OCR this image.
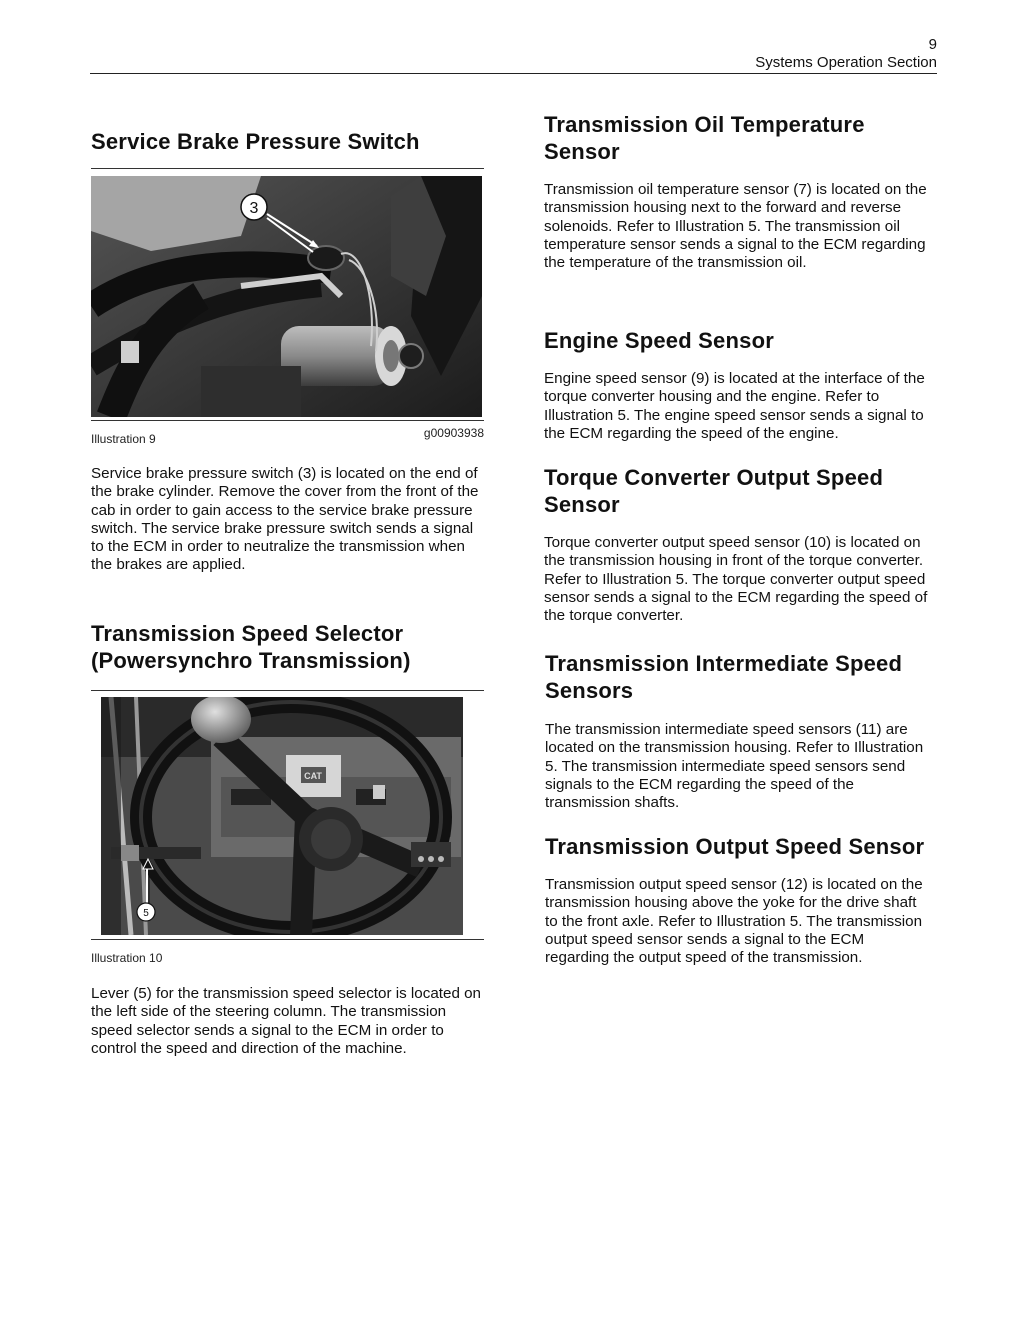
9
Systems Operation Section
Service Brake Pressure Switch
3
Illustration 9	g00903938

Service brake pressure switch (3) is located on the end of the brake cylinder. Remove the cover from the front of the cab in order to gain access to the service brake pressure switch. The service brake pressure switch sends a signal to the ECM in order to neutralize the transmission when the brakes are applied.

Transmission Speed Selector (Powersynchro Transmission)
CAT
5
Illustration 10

Lever (5) for the transmission speed selector is located on the left side of the steering column. The transmission speed selector sends a signal to the ECM in order to control the speed and direction of the machine.

Transmission Oil Temperature Sensor

Transmission oil temperature sensor (7) is located on the transmission housing next to the forward and reverse solenoids. Refer to Illustration 5. The transmission oil temperature sensor sends a signal to the ECM regarding the temperature of the transmission oil.

Engine Speed Sensor

Engine speed sensor (9) is located at the interface of the torque converter housing and the engine. Refer to Illustration 5. The engine speed sensor sends a signal to the ECM regarding the speed of the engine.

Torque Converter Output Speed Sensor

Torque converter output speed sensor (10) is located on the transmission housing in front of the torque converter. Refer to Illustration 5. The torque converter output speed sensor sends a signal to the ECM regarding the speed of the torque converter.

Transmission Intermediate Speed Sensors

The transmission intermediate speed sensors (11) are located on the transmission housing. Refer to Illustration 5. The transmission intermediate speed sensors send signals to the ECM regarding the speed of the transmission shafts.

Transmission Output Speed Sensor

Transmission output speed sensor (12) is located on the transmission housing above the yoke for the drive shaft to the front axle. Refer to Illustration 5. The transmission output speed sensor sends a signal to the ECM regarding the output speed of the transmission.
